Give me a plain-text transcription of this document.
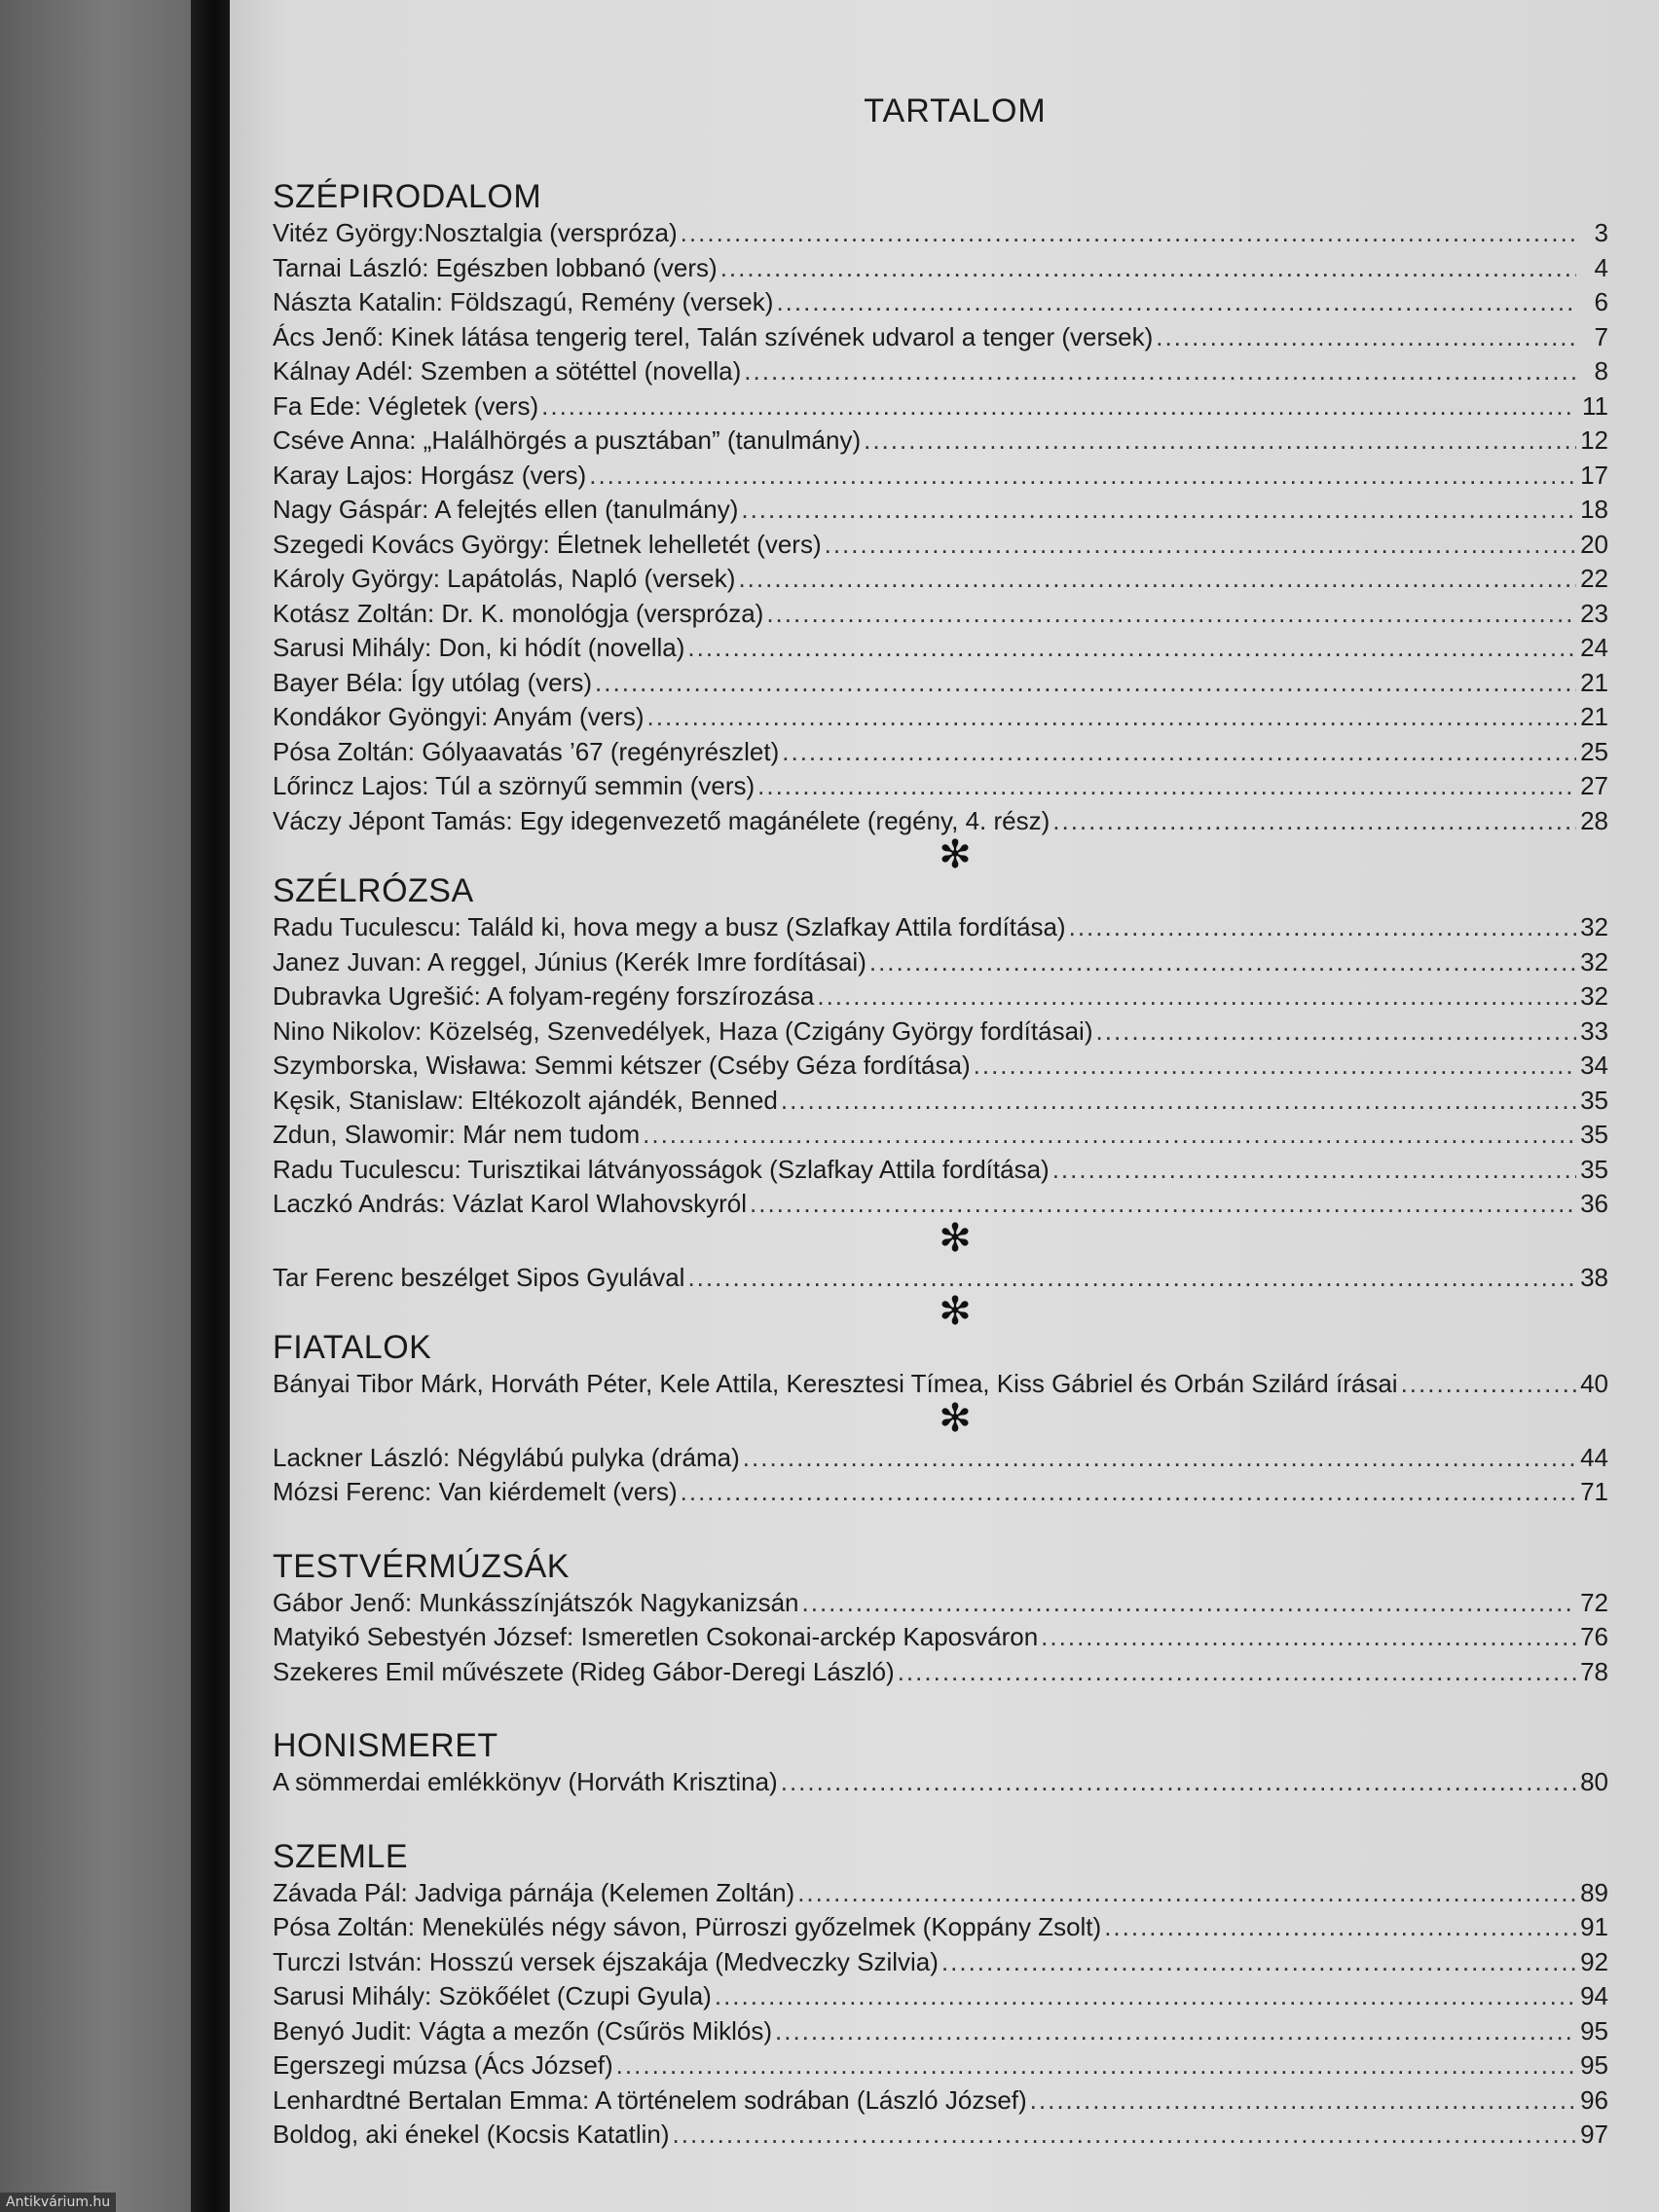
TARTALOM
SZÉPIRODALOM
Vitéz György:Nosztalgia (verspróza) .....	3
Tarnai László: Egészben lobbanó (vers) .....	4
Nászta Katalin: Földszagú, Remény (versek) .....	6
Ács Jenő: Kinek látása tengerig terel, Talán szívének udvarol a tenger (versek) .....	7
Kálnay Adél: Szemben a sötéttel (novella) .....	8
Fa Ede: Végletek (vers) .....	11
Cséve Anna: „Halálhörgés a pusztában” (tanulmány) .....	12
Karay Lajos: Horgász (vers) .....	17
Nagy Gáspár: A felejtés ellen (tanulmány) .....	18
Szegedi Kovács György: Életnek lehelletét (vers) .....	20
Károly György: Lapátolás, Napló (versek) .....	22
Kotász Zoltán: Dr. K. monológja (verspróza) .....	23
Sarusi Mihály: Don, ki hódít (novella) .....	24
Bayer Béla: Így utólag (vers) .....	21
Kondákor Gyöngyi: Anyám (vers) .....	21
Pósa Zoltán: Gólyaavatás ’67 (regényrészlet) .....	25
Lőrincz Lajos: Túl a szörnyű semmin (vers) .....	27
Váczy Jépont Tamás: Egy idegenvezető magánélete (regény, 4. rész) .....	28
✻
SZÉLRÓZSA
Radu Tuculescu: Találd ki, hova megy a busz (Szlafkay Attila fordítása) .....	32
Janez Juvan: A reggel, Június (Kerék Imre fordításai) .....	32
Dubravka Ugrešić: A folyam-regény forszírozása .....	32
Nino Nikolov: Közelség, Szenvedélyek, Haza (Czigány György fordításai) .....	33
Szymborska, Wisława: Semmi kétszer (Cséby Géza fordítása) .....	34
Kęsik, Stanislaw: Eltékozolt ajándék, Benned .....	35
Zdun, Slawomir: Már nem tudom .....	35
Radu Tuculescu: Turisztikai látványosságok (Szlafkay Attila fordítása) .....	35
Laczkó András: Vázlat Karol Wlahovskyról .....	36
✻
Tar Ferenc beszélget Sipos Gyulával .....	38
✻
FIATALOK
Bányai Tibor Márk, Horváth Péter, Kele Attila, Keresztesi Tímea, Kiss Gábriel és Orbán Szilárd írásai .....	40
✻
Lackner László: Négylábú pulyka (dráma) .....	44
Mózsi Ferenc: Van kiérdemelt (vers) .....	71
TESTVÉRMÚZSÁK
Gábor Jenő: Munkásszínjátszók Nagykanizsán .....	72
Matyikó Sebestyén József: Ismeretlen Csokonai-arckép Kaposváron .....	76
Szekeres Emil művészete (Rideg Gábor-Deregi László) .....	78
HONISMERET
A sömmerdai emlékkönyv (Horváth Krisztina) .....	80
SZEMLE
Závada Pál: Jadviga párnája (Kelemen Zoltán) .....	89
Pósa Zoltán: Menekülés négy sávon, Pürroszi győzelmek (Koppány Zsolt) .....	91
Turczi István: Hosszú versek éjszakája (Medveczky Szilvia) .....	92
Sarusi Mihály: Szökőélet (Czupi Gyula) .....	94
Benyó Judit: Vágta a mezőn (Csűrös Miklós) .....	95
Egerszegi múzsa (Ács József) .....	95
Lenhardtné Bertalan Emma: A történelem sodrában (László József) .....	96
Boldog, aki énekel (Kocsis Katatlin) .....	97
Antikvárium.hu
